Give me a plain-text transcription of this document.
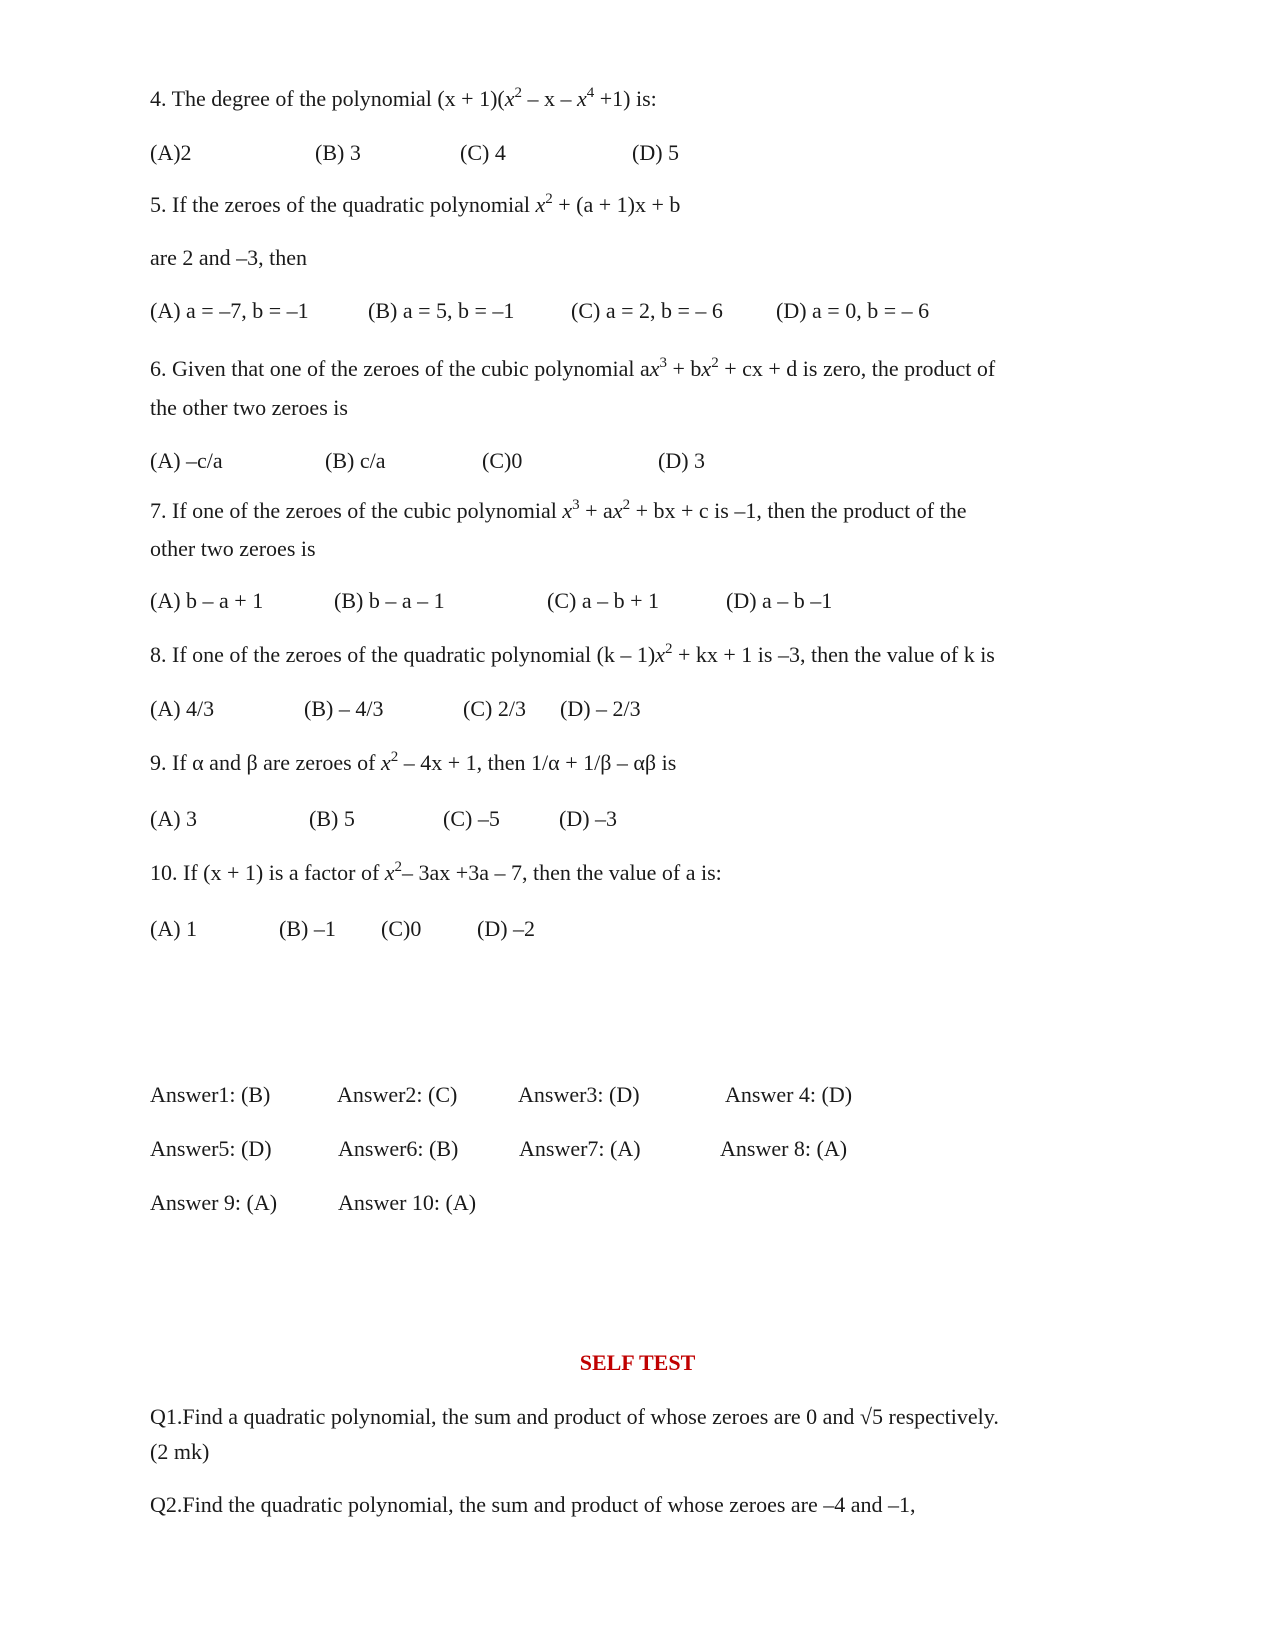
4. The degree of the polynomial $(x + 1)(x^2 - x - x^4 +1)$ is:
(A)2	(B) 3	(C) 4	(D) 5
5. If the zeroes of the quadratic polynomial $x^2 + (a + 1)x + b$
are 2 and –3, then
(A) a = –7, b = –1	(B) a = 5, b = –1	(C) a = 2, b = – 6 (D) a = 0, b = – 6
6. Given that one of the zeroes of the cubic polynomial $ax^3 + bx^2$ + cx + d is zero, the product of
the other two zeroes is
(A) –c/a	(B) c/a	(C)0	(D) 3
7. If one of the zeroes of the cubic polynomial $x^3 + ax^2$ + bx + c is –1, then the product of the
other two zeroes is
(A) b – a + 1	(B) b – a – 1	(C) a – b + 1	(D) a – b –1
8. If one of the zeroes of the quadratic polynomial $(k - 1)x^2$ + kx + 1 is –3, then the value of k is
(A) 4/3	(B) – 4/3	(C) 2/3 (D) – 2/3
9. If α and β are zeroes of $x^2 - 4x + 1$, then 1/α + 1/β – αβ is
(A) 3	(B) 5	(C) –5	(D) –3
10. If (x + 1) is a factor of $x^2-$ 3ax +3a – 7, then the value of a is:
(A) 1	(B) –1 (C)0	(D) –2
Answer1: (B)	Answer2: (C)	Answer3: (D)	Answer 4: (D)
Answer5: (D)	Answer6: (B)	Answer7: (A)	Answer 8: (A)
Answer 9: (A)	Answer 10: (A)
SELF TEST
Q1.Find a quadratic polynomial, the sum and product of whose zeroes are 0 and √5 respectively.
(2 mk)
Q2.Find the quadratic polynomial, the sum and product of whose zeroes are –4 and –1,
